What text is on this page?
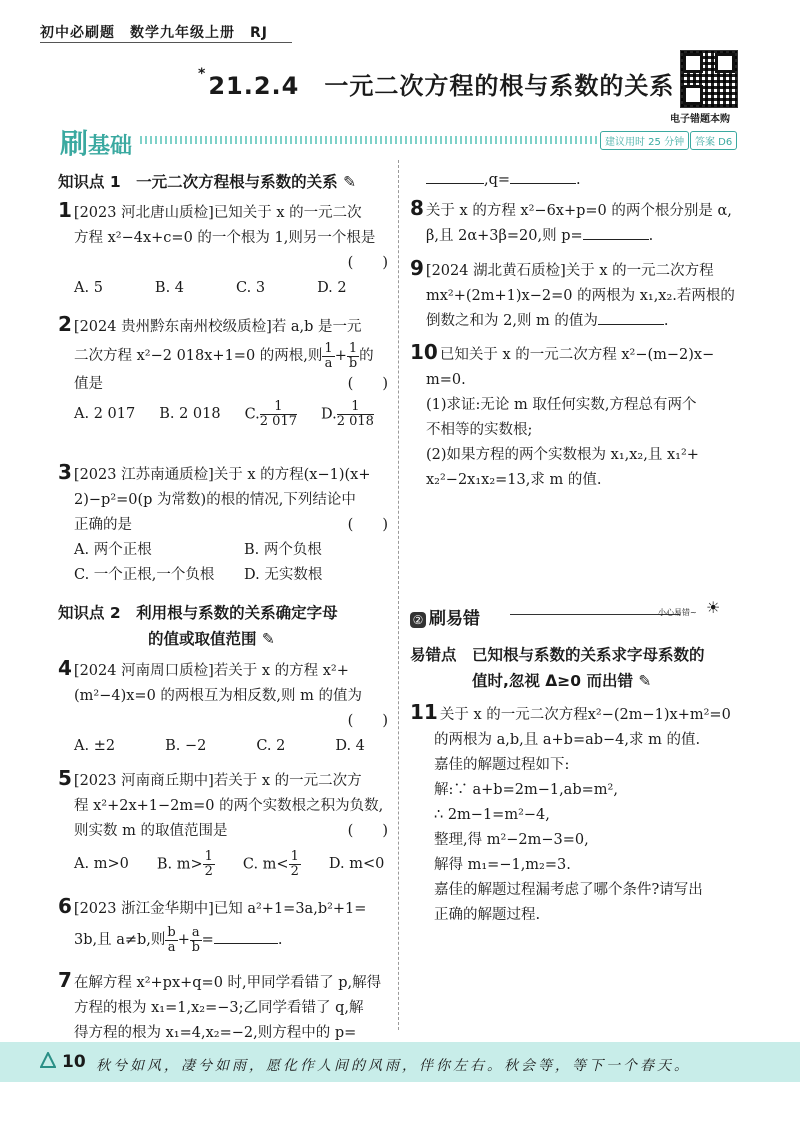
初中必刷题　数学九年级上册　RJ
*21.2.4　一元二次方程的根与系数的关系
电子错题本购
刷基础	建议用时 25 分钟	答案 D6
知识点 1　一元二次方程根与系数的关系 ✎
1 [2023 河北唐山质检]已知关于 x 的一元二次
方程 x²−4x+c=0 的一个根为 1,则另一个根是
(　　)
A. 5	B. 4	C. 3	D. 2
2 [2024 贵州黔东南州校级质检]若 a,b 是一元
二次方程 x²−2 018x+1=0 的两根,则 $\frac{1}{a} + \frac{1}{b}$ 的
值是	(　　)
A. 2 017 B. 2 018 C. $\frac{1}{2 017} D$. $\frac{1}{2 018}$
3 [2023 江苏南通质检]关于 x 的方程(x−1)(x+
2)−p²=0(p 为常数)的根的情况,下列结论中
正确的是	(　　)
A. 两个正根	B. 两个负根
C. 一个正根,一个负根	D. 无实数根
知识点 2　利用根与系数的关系确定字母
的值或取值范围 ✎
4 [2024 河南周口质检]若关于 x 的方程 x²+
(m²−4)x=0 的两根互为相反数,则 m 的值为
(　　)
A. ±2	B. −2	C. 2	D. 4
5 [2023 河南商丘期中]若关于 x 的一元二次方
程 x²+2x+1−2m=0 的两个实数根之积为负数,
则实数 m 的取值范围是	(　　)
A. m>0 B. $m> \frac{1}{2} C$. $m< \frac{1}{2} D$. m<0
6 [2023 浙江金华期中]已知 a²+1=3a,b²+1=
3b,且 a≠b,则 $\frac{b}{a} + \frac{a}{b}$ =	.
7 在解方程 x²+px+q=0 时,甲同学看错了 p,解得
方程的根为 x₁=1,x₂=−3;乙同学看错了 q,解
得方程的根为 x₁=4,x₂=−2,则方程中的 p=
,q=	.
8 关于 x 的方程 x²−6x+p=0 的两个根分别是 α,
β,且 2α+3β=20,则 p=	.
9 [2024 湖北黄石质检]关于 x 的一元二次方程
mx²+(2m+1)x−2=0 的两根为 x₁,x₂.若两根的
倒数之和为 2,则 m 的值为	.
10 已知关于 x 的一元二次方程 x²−(m−2)x−
m=0.
(1)求证:无论 m 取任何实数,方程总有两个
不相等的实数根;
(2)如果方程的两个实数根为 x₁,x₂,且 x₁²+
x₂²−2x₁x₂=13,求 m 的值.
② 刷易错	小心易错~ ☀
易错点　已知根与系数的关系求字母系数的
值时,忽视 Δ≥0 而出错 ✎
11 关于 x 的一元二次方程x²−(2m−1)x+m²=0
的两根为 a,b,且 a+b=ab−4,求 m 的值.
嘉佳的解题过程如下:
解:∵ a+b=2m−1,ab=m²,
∴ 2m−1=m²−4,
整理,得 m²−2m−3=0,
解得 m₁=−1,m₂=3.
嘉佳的解题过程漏考虑了哪个条件?请写出
正确的解题过程.
10 秋兮如风，凄兮如雨，愿化作人间的风雨，伴你左右。秋会等，等下一个春天。
